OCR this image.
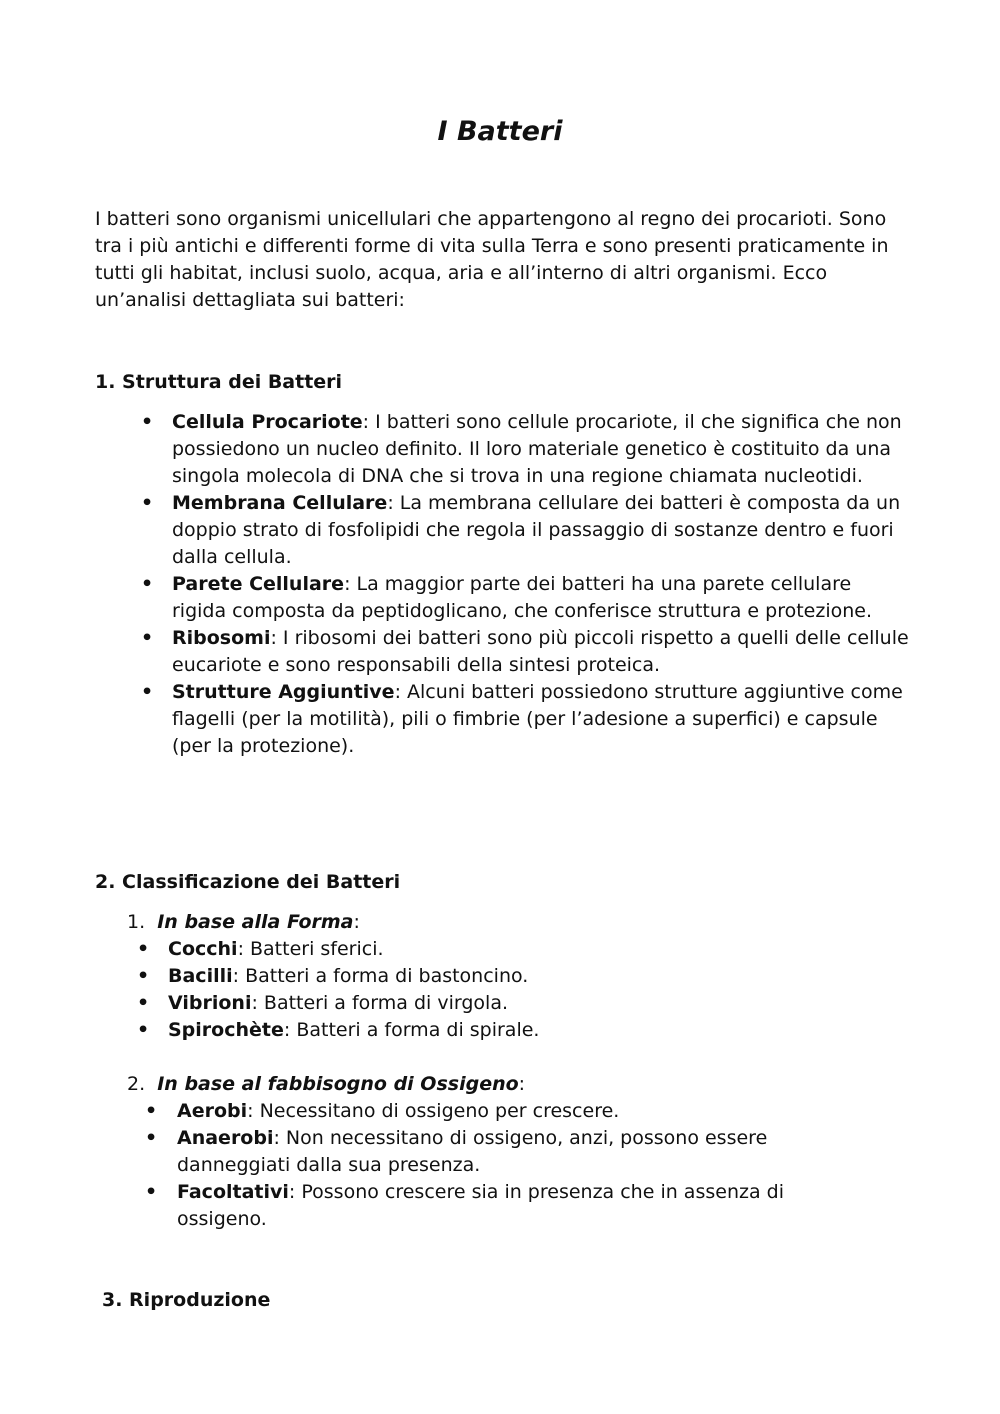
I Batteri

I batteri sono organismi unicellulari che appartengono al regno dei procarioti. Sono tra i più antichi e differenti forme di vita sulla Terra e sono presenti praticamente in tutti gli habitat, inclusi suolo, acqua, aria e all’interno di altri organismi. Ecco un’analisi dettagliata sui batteri:

1. Struttura dei Batteri

• Cellula Procariote: I batteri sono cellule procariote, il che significa che non possiedono un nucleo definito. Il loro materiale genetico è costituito da una singola molecola di DNA che si trova in una regione chiamata nucleotidi.
• Membrana Cellulare: La membrana cellulare dei batteri è composta da un doppio strato di fosfolipidi che regola il passaggio di sostanze dentro e fuori dalla cellula.
• Parete Cellulare: La maggior parte dei batteri ha una parete cellulare rigida composta da peptidoglicano, che conferisce struttura e protezione.
• Ribosomi: I ribosomi dei batteri sono più piccoli rispetto a quelli delle cellule eucariote e sono responsabili della sintesi proteica.
• Strutture Aggiuntive: Alcuni batteri possiedono strutture aggiuntive come flagelli (per la motilità), pili o fimbrie (per l’adesione a superfici) e capsule (per la protezione).

2. Classificazione dei Batteri

1. In base alla Forma:

• Cocchi: Batteri sferici.
• Bacilli: Batteri a forma di bastoncino.
• Vibrioni: Batteri a forma di virgola.
• Spirochète: Batteri a forma di spirale.

2. In base al fabbisogno di Ossigeno:

• Aerobi: Necessitano di ossigeno per crescere.
• Anaerobi: Non necessitano di ossigeno, anzi, possono essere danneggiati dalla sua presenza.
• Facoltativi: Possono crescere sia in presenza che in assenza di ossigeno.

3. Riproduzione
